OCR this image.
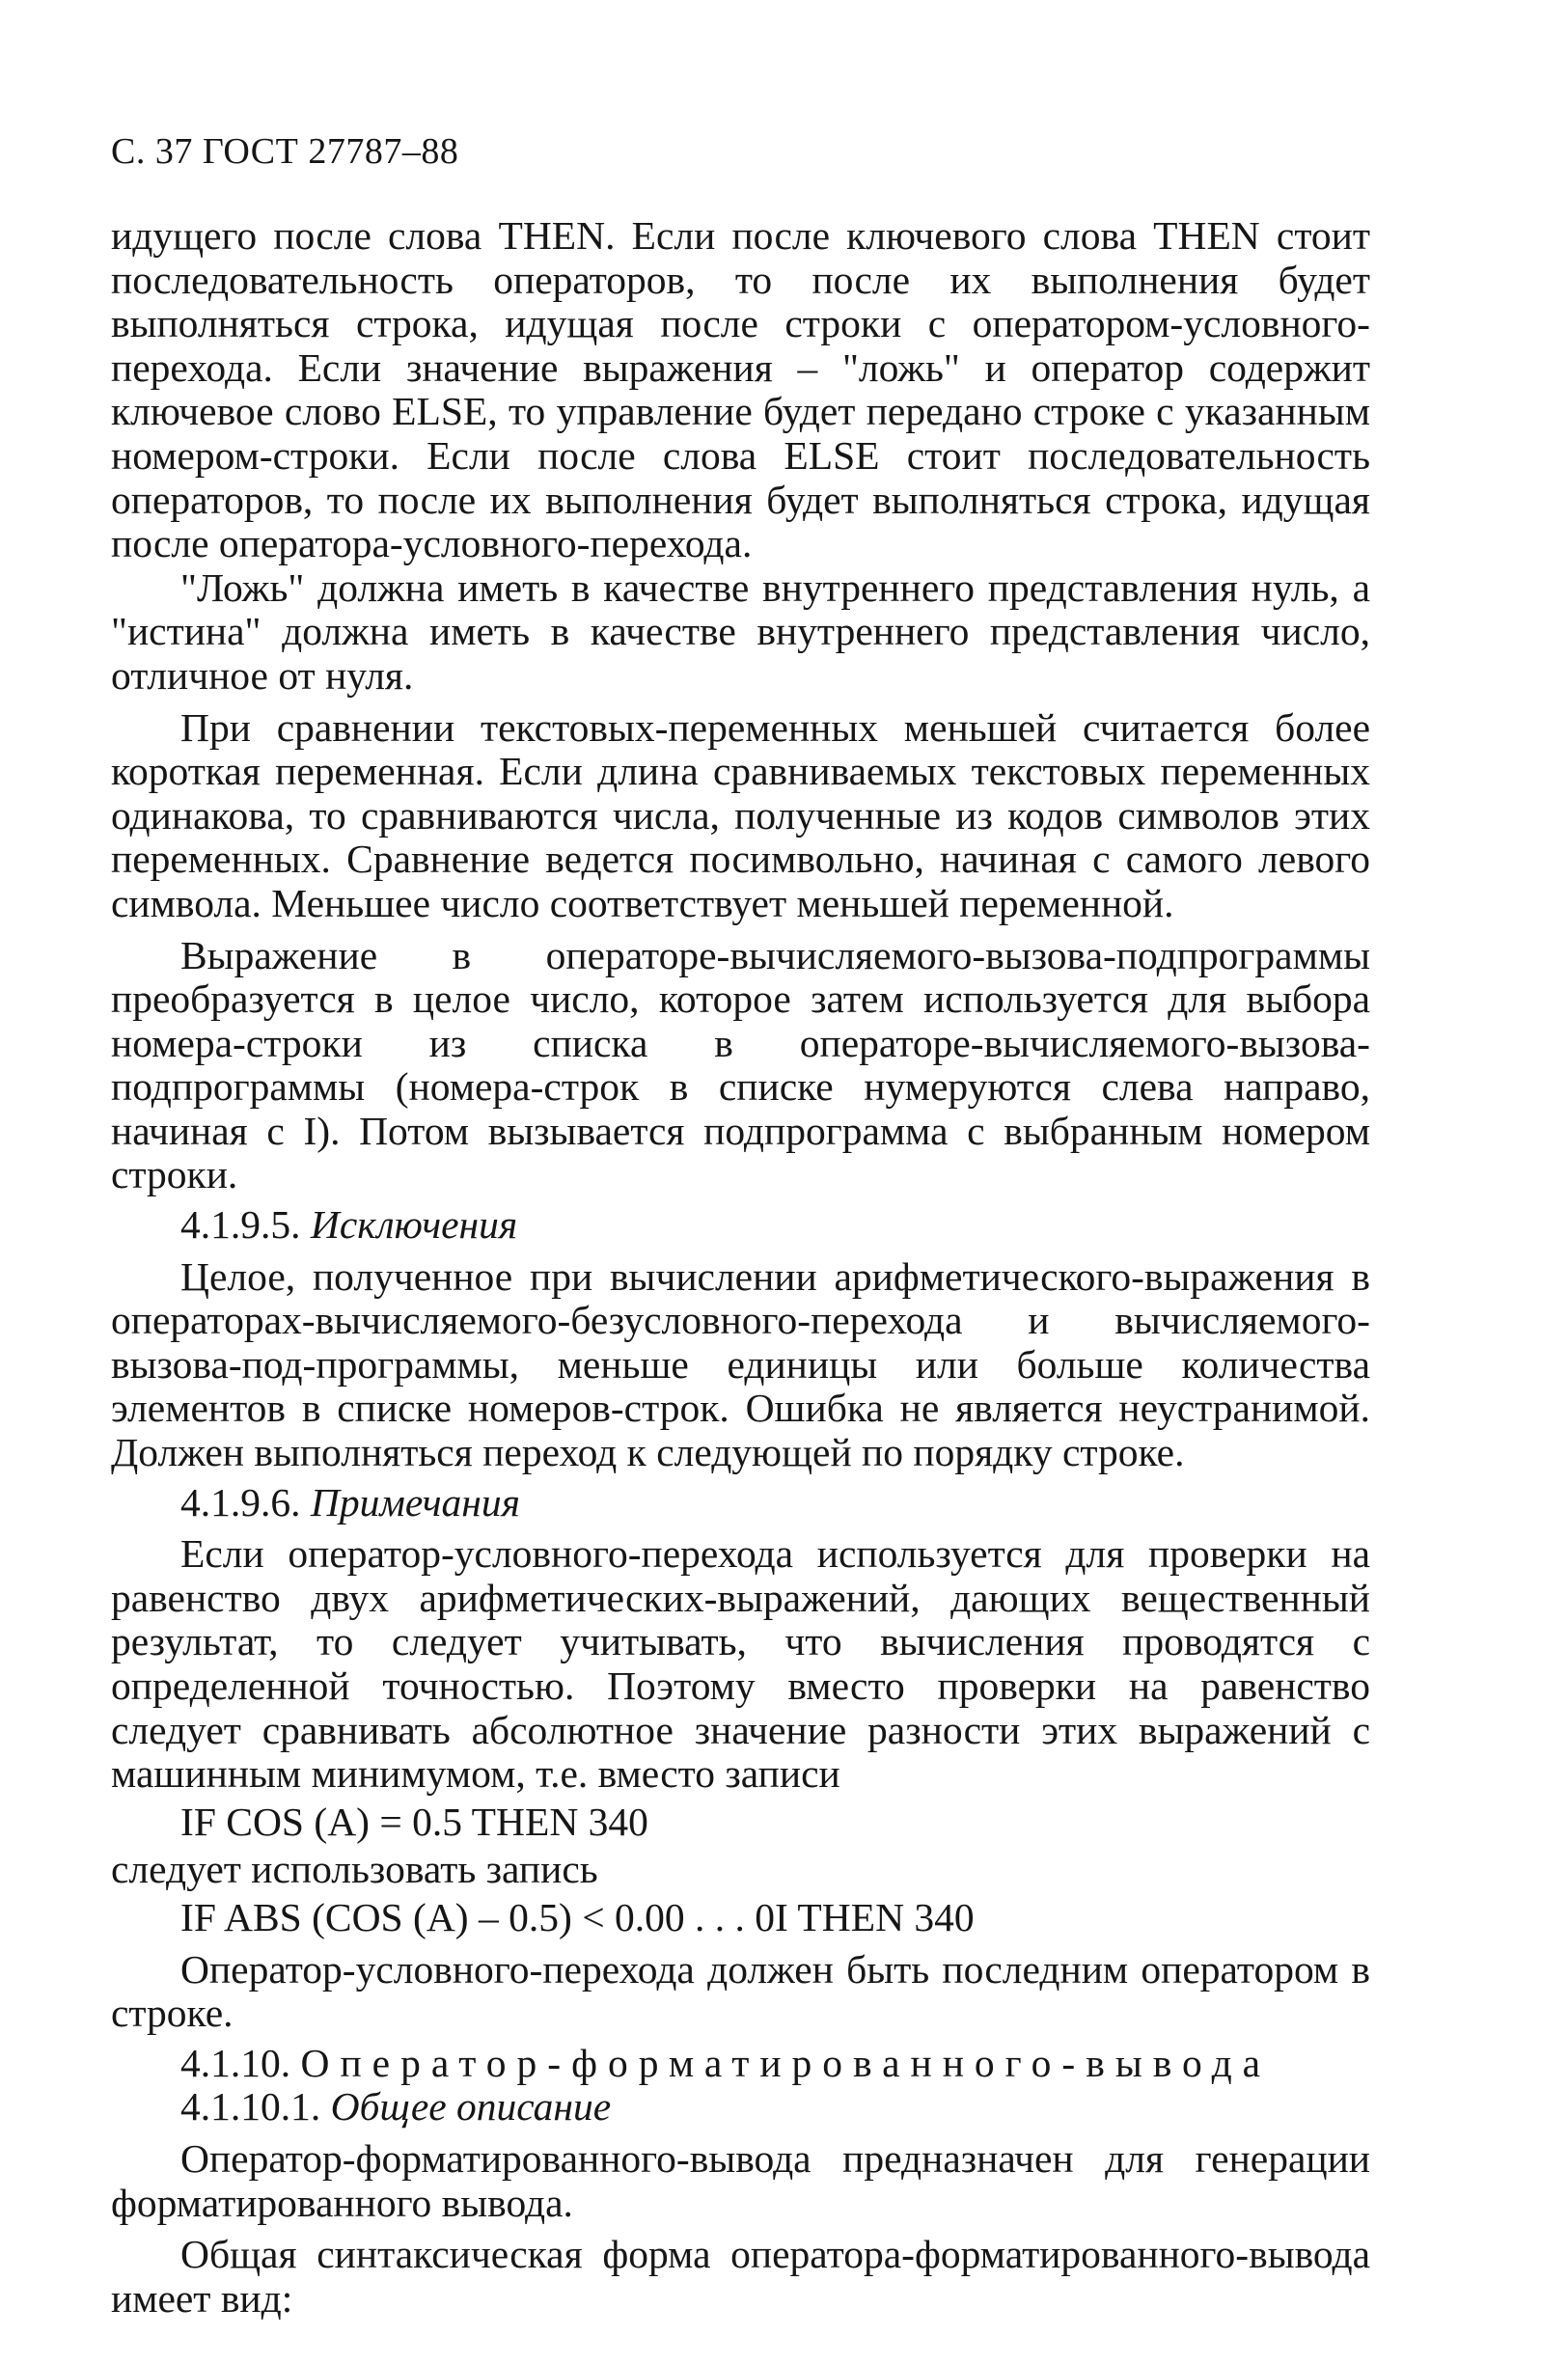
С. 37 ГОСТ 27787–88

идущего после слова THEN. Если после ключевого слова THEN стоит последовательность операторов, то после их выполнения будет выполняться строка, идущая после строки с оператором-условного-перехода. Если значение выражения – "ложь" и оператор содержит ключевое слово ELSE, то управление будет передано строке с указанным номером-строки. Если после слова ELSE стоит последовательность операторов, то после их выполнения будет выполняться строка, идущая после оператора-условного-перехода.

"Ложь" должна иметь в качестве внутреннего представления нуль, а "истина" должна иметь в качестве внутреннего представления число, отличное от нуля.

При сравнении текстовых-переменных меньшей считается более короткая переменная. Если длина сравниваемых текстовых переменных одинакова, то сравниваются числа, полученные из кодов символов этих переменных. Сравнение ведется посимвольно, начиная с самого левого символа. Меньшее число соответствует меньшей переменной.

Выражение в операторе-вычисляемого-вызова-подпрограммы преобразуется в целое число, которое затем используется для выбора номера-строки из списка в операторе-вычисляемого-вызова-подпрограммы (номера-строк в списке нумеруются слева направо, начиная с I). Потом вызывается подпрограмма с выбранным номером строки.

4.1.9.5. Исключения

Целое, полученное при вычислении арифметического-выражения в операторах-вычисляемого-безусловного-перехода и вычисляемого-вызова-под-программы, меньше единицы или больше количества элементов в списке номеров-строк. Ошибка не является неустранимой. Должен выполняться переход к следующей по порядку строке.

4.1.9.6. Примечания

Если оператор-условного-перехода используется для проверки на равенство двух арифметических-выражений, дающих вещественный результат, то следует учитывать, что вычисления проводятся с определенной точностью. Поэтому вместо проверки на равенство следует сравнивать абсолютное значение разности этих выражений с машинным минимумом, т.е. вместо записи

IF COS (A) = 0.5 THEN 340

следует использовать запись

IF ABS (COS (A) – 0.5) < 0.00 . . . 0I THEN 340

Оператор-условного-перехода должен быть последним оператором в строке.

4.1.10. Оператор-форматированного-вывода

4.1.10.1. Общее описание

Оператор-форматированного-вывода предназначен для генерации форматированного вывода.

Общая синтаксическая форма оператора-форматированного-вывода имеет вид:
